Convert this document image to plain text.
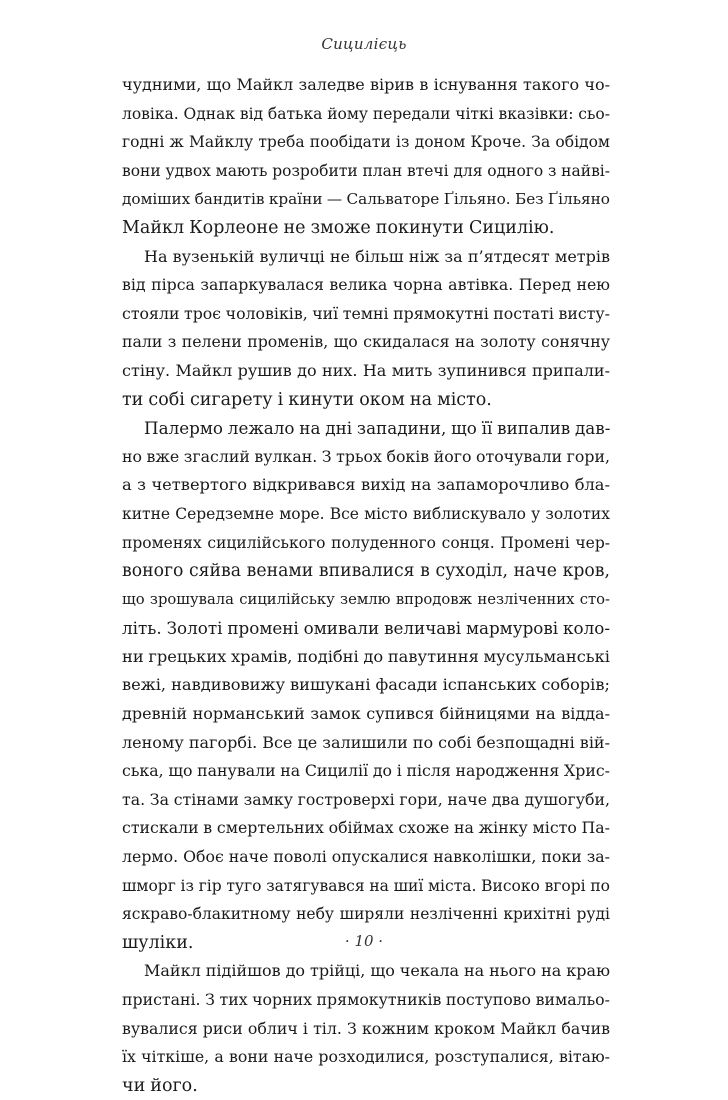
Сицилієць
чудними, що Майкл заледве вірив в існування такого чо-
ловіка. Однак від батька йому передали чіткі вказівки: сьо-
годні ж Майклу треба пообідати із доном Кроче. За обідом
вони удвох мають розробити план втечі для одного з найві-
доміших бандитів країни — Сальваторе Ґільяно. Без Ґільяно
Майкл Корлеоне не зможе покинути Сицилію.
На вузенькій вуличці не більш ніж за п’ятдесят метрів
від пірса запаркувалася велика чорна автівка. Перед нею
стояли троє чоловіків, чиї темні прямокутні постаті висту-
пали з пелени променів, що скидалася на золоту сонячну
стіну. Майкл рушив до них. На мить зупинився припали-
ти собі сигарету і кинути оком на місто.
Палермо лежало на дні западини, що її випалив дав-
но вже згаслий вулкан. З трьох боків його оточували гори,
а з четвертого відкривався вихід на запаморочливо бла-
китне Середземне море. Все місто виблискувало у золотих
променях сицилійського полуденного сонця. Промені чер-
воного сяйва венами впивалися в суходіл, наче кров,
що зрошувала сицилійську землю впродовж незліченних сто-
літь. Золоті промені омивали величаві мармурові коло-
ни грецьких храмів, подібні до павутиння мусульманські
вежі, навдивовижу вишукані фасади іспанських соборів;
древній норманський замок супився бійницями на відда-
леному пагорбі. Все це залишили по собі безпощадні вій-
ська, що панували на Сицилії до і після народження Хрис-
та. За стінами замку гостроверхі гори, наче два душогуби,
стискали в смертельних обіймах схоже на жінку місто Па-
лермо. Обоє наче поволі опускалися навколішки, поки за-
шморг із гір туго затягувався на шиї міста. Високо вгорі по
яскраво-блакитному небу ширяли незліченні крихітні руді
шуліки.
Майкл підійшов до трійці, що чекала на нього на краю
пристані. З тих чорних прямокутників поступово вимальо-
вувалися риси облич і тіл. З кожним кроком Майкл бачив
їх чіткіше, а вони наче розходилися, розступалися, вітаю-
чи його.
· 10 ·
